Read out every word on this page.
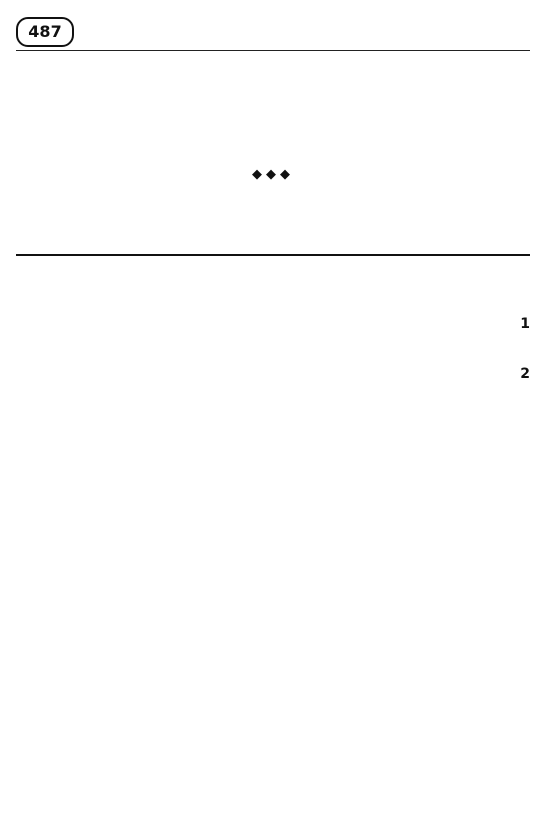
487

◆◆◆

1
2
